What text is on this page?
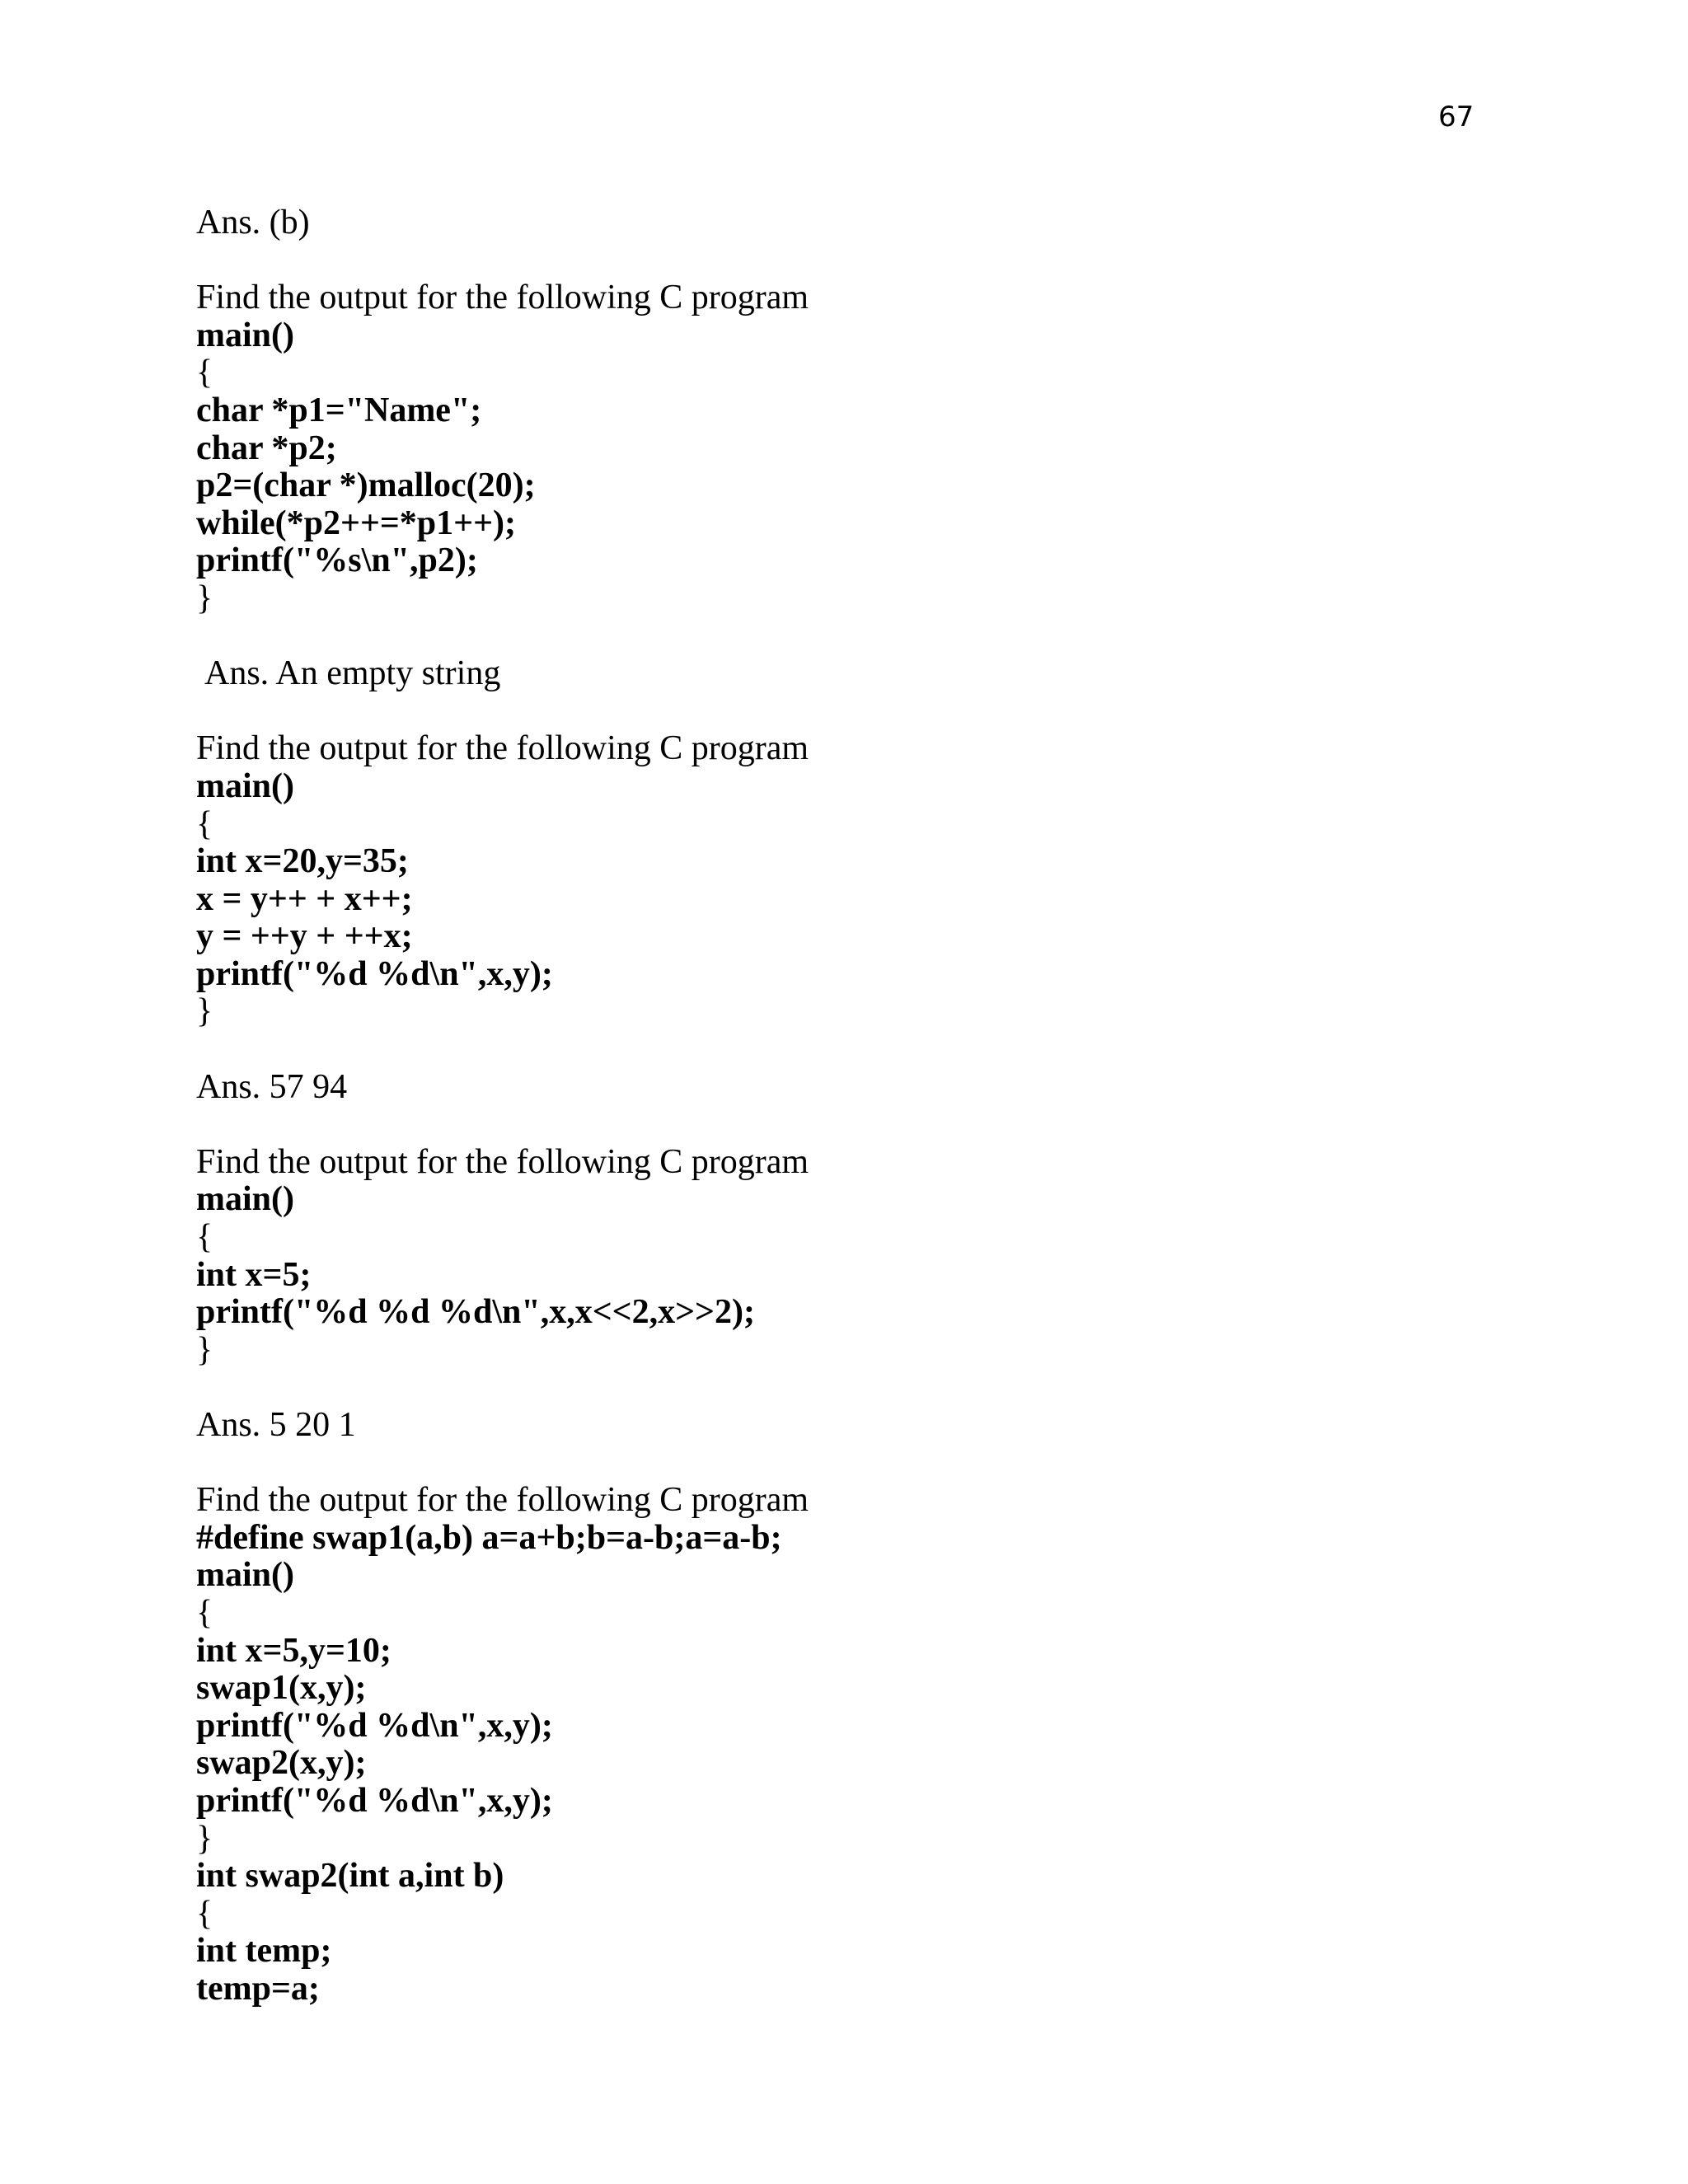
67
Ans. (b)
Find the output for the following C program
main()
{
char *p1="Name";
char *p2;
p2=(char *)malloc(20);
while(*p2++=*p1++);
printf("%s\n",p2);
}
Ans. An empty string
Find the output for the following C program
main()
{
int x=20,y=35;
x = y++ + x++;
y = ++y + ++x;
printf("%d %d\n",x,y);
}
Ans. 57 94
Find the output for the following C program
main()
{
int x=5;
printf("%d %d %d\n",x,x<<2,x>>2);
}
Ans. 5 20 1
Find the output for the following C program
#define swap1(a,b) a=a+b;b=a-b;a=a-b;
main()
{
int x=5,y=10;
swap1(x,y);
printf("%d %d\n",x,y);
swap2(x,y);
printf("%d %d\n",x,y);
}
int swap2(int a,int b)
{
int temp;
temp=a;
